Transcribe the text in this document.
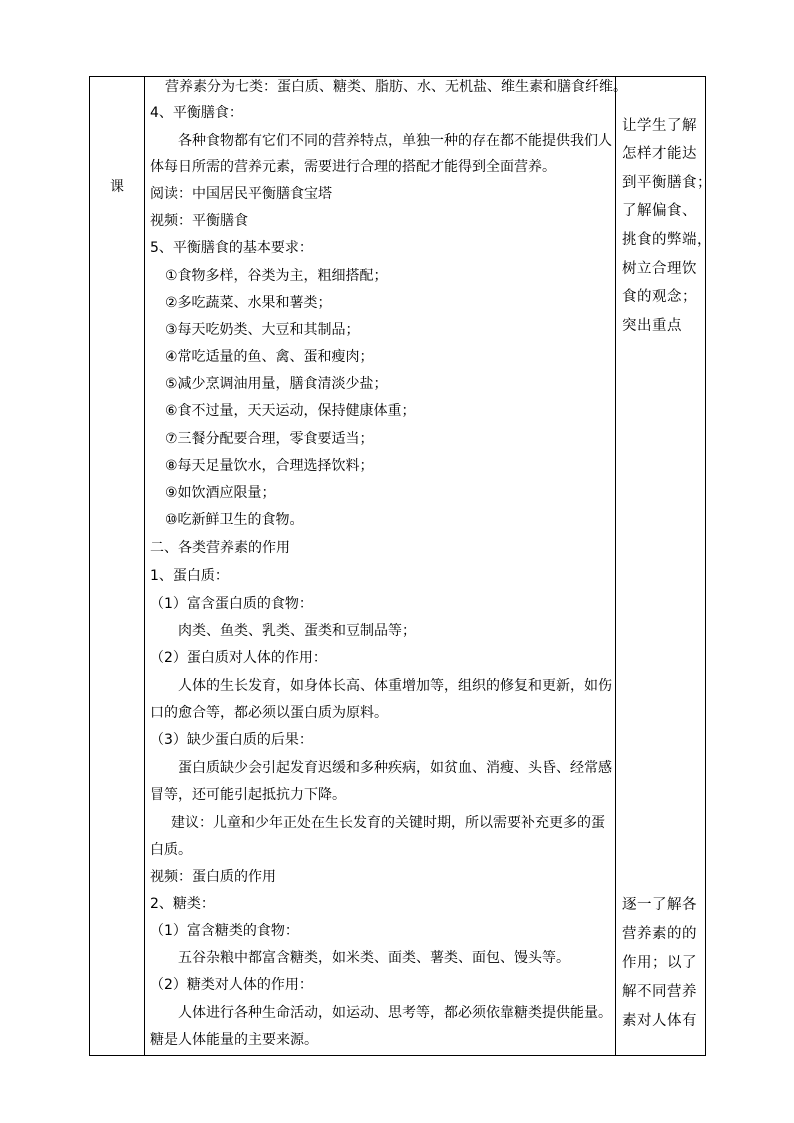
课
营养素分为七类：蛋白质、糖类、脂肪、水、无机盐、维生素和膳食纤维。
4、平衡膳食：
各种食物都有它们不同的营养特点，单独一种的存在都不能提供我们人
体每日所需的营养元素，需要进行合理的搭配才能得到全面营养。
阅读：中国居民平衡膳食宝塔
视频：平衡膳食
5、平衡膳食的基本要求：
①食物多样，谷类为主，粗细搭配；
②多吃蔬菜、水果和薯类；
③每天吃奶类、大豆和其制品；
④常吃适量的鱼、禽、蛋和瘦肉；
⑤减少烹调油用量，膳食清淡少盐；
⑥食不过量，天天运动，保持健康体重；
⑦三餐分配要合理，零食要适当；
⑧每天足量饮水，合理选择饮料；
⑨如饮酒应限量；
⑩吃新鲜卫生的食物。
二、各类营养素的作用
1、蛋白质：
（1）富含蛋白质的食物：
肉类、鱼类、乳类、蛋类和豆制品等；
（2）蛋白质对人体的作用：
人体的生长发育，如身体长高、体重增加等，组织的修复和更新，如伤
口的愈合等，都必须以蛋白质为原料。
（3）缺少蛋白质的后果：
蛋白质缺少会引起发育迟缓和多种疾病，如贫血、消瘦、头昏、经常感
冒等，还可能引起抵抗力下降。
建议：儿童和少年正处在生长发育的关键时期，所以需要补充更多的蛋
白质。
视频：蛋白质的作用
2、糖类：
（1）富含糖类的食物：
五谷杂粮中都富含糖类，如米类、面类、薯类、面包、馒头等。
（2）糖类对人体的作用：
人体进行各种生命活动，如运动、思考等，都必须依靠糖类提供能量。
糖是人体能量的主要来源。
让学生了解
怎样才能达
到平衡膳食；
了解偏食、
挑食的弊端，
树立合理饮
食的观念；
突出重点
逐一了解各
营养素的的
作用；以了
解不同营养
素对人体有
